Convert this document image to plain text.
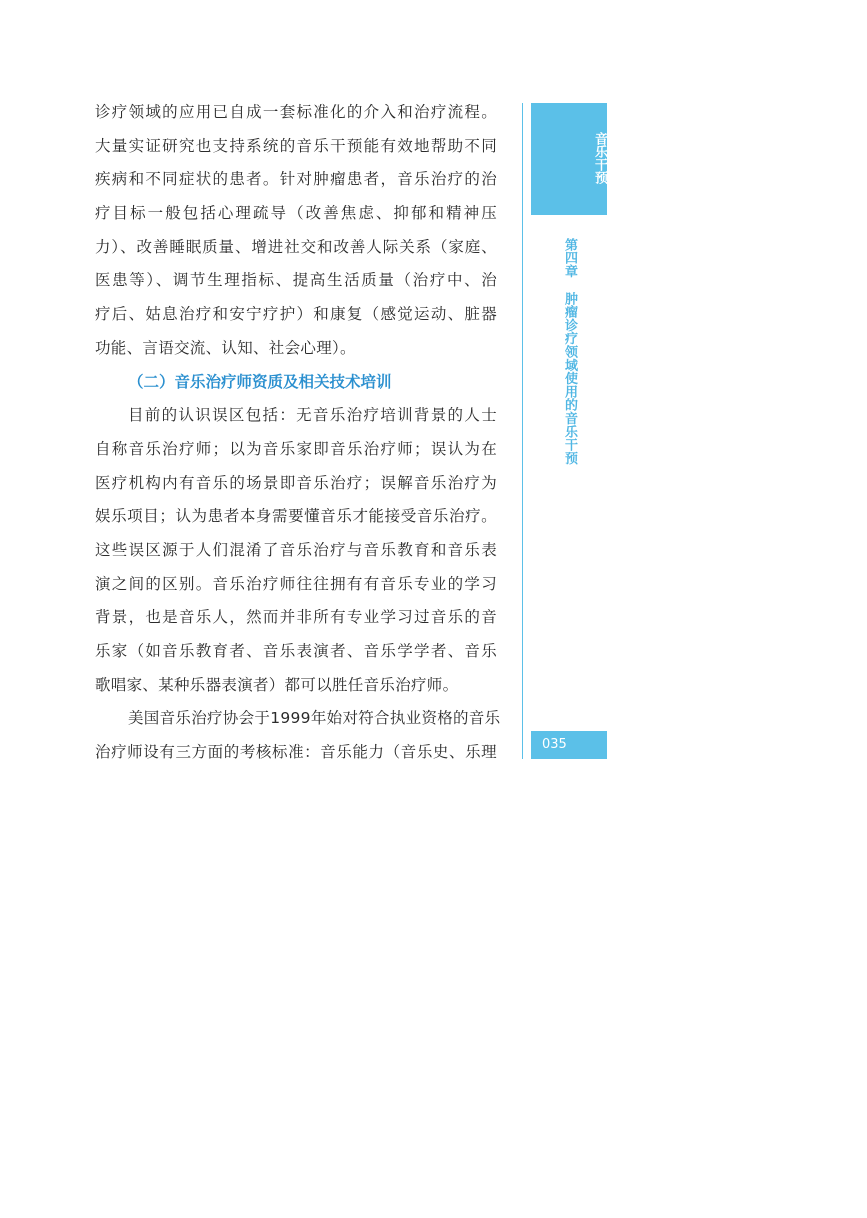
诊疗领域的应用已自成一套标准化的介入和治疗流程。
大量实证研究也支持系统的音乐干预能有效地帮助不同
疾病和不同症状的患者。针对肿瘤患者，音乐治疗的治
疗目标一般包括心理疏导（改善焦虑、抑郁和精神压
力）、改善睡眠质量、增进社交和改善人际关系（家庭、
医患等）、调节生理指标、提高生活质量（治疗中、治
疗后、姑息治疗和安宁疗护）和康复（感觉运动、脏器
功能、言语交流、认知、社会心理）。
（二）音乐治疗师资质及相关技术培训
目前的认识误区包括：无音乐治疗培训背景的人士
自称音乐治疗师；以为音乐家即音乐治疗师；误认为在
医疗机构内有音乐的场景即音乐治疗；误解音乐治疗为
娱乐项目；认为患者本身需要懂音乐才能接受音乐治疗。
这些误区源于人们混淆了音乐治疗与音乐教育和音乐表
演之间的区别。音乐治疗师往往拥有有音乐专业的学习
背景，也是音乐人，然而并非所有专业学习过音乐的音
乐家（如音乐教育者、音乐表演者、音乐学学者、音乐
歌唱家、某种乐器表演者）都可以胜任音乐治疗师。
美国音乐治疗协会于1999年始对符合执业资格的音乐
治疗师设有三方面的考核标准：音乐能力（音乐史、乐理
音乐干预
第四章肿瘤诊疗领域使用的音乐干预
035
